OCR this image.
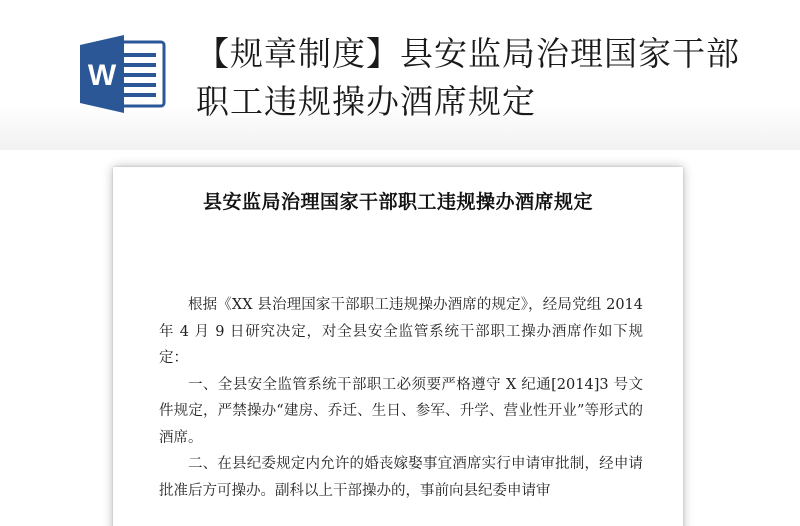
W
【规章制度】县安监局治理国家干部职工违规操办酒席规定
县安监局治理国家干部职工违规操办酒席规定

根据《XX 县治理国家干部职工违规操办酒席的规定》，经局党组 2014 年 4 月 9 日研究决定，对全县安全监管系统干部职工操办酒席作如下规定：

一、全县安全监管系统干部职工必须要严格遵守 X 纪通[2014]3 号文件规定，严禁操办“建房、乔迁、生日、参军、升学、营业性开业”等形式的酒席。

二、在县纪委规定内允许的婚丧嫁娶事宜酒席实行申请审批制，经申请批准后方可操办。副科以上干部操办的，事前向县纪委申请审
